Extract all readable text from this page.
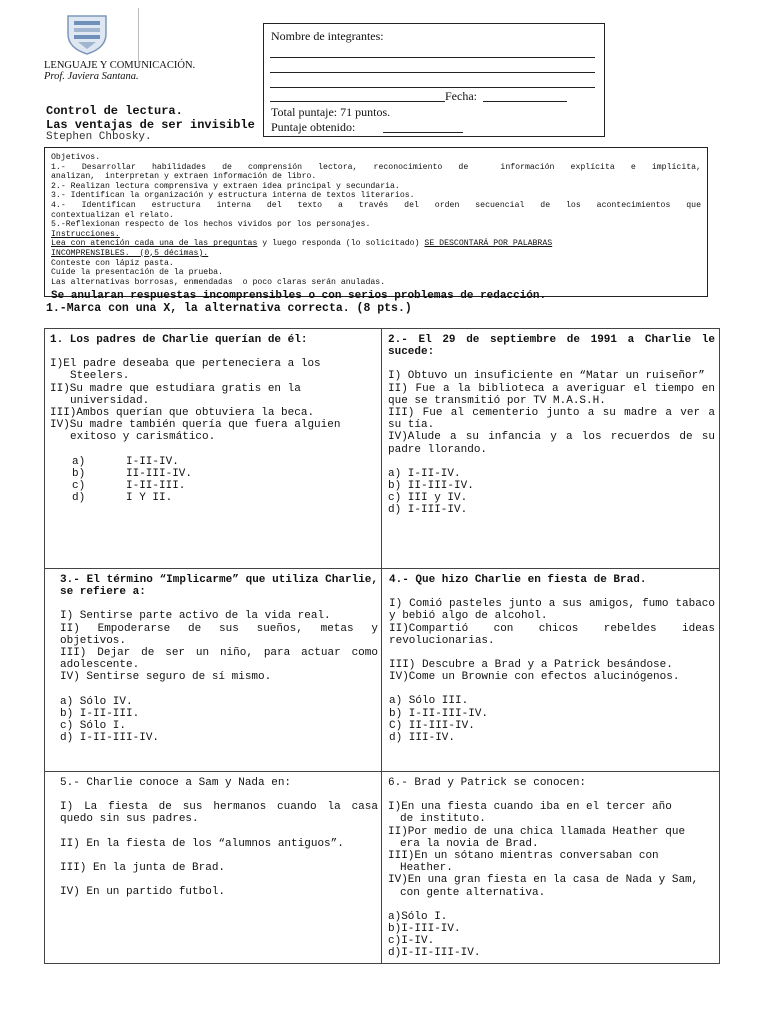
LENGUAJE Y COMUNICACIÓN.
Prof. Javiera Santana.
Control de lectura.
Las ventajas de ser invisible
Stephen Chbosky.
Nombre de integrantes:
Fecha:
Total puntaje: 71 puntos.
Puntaje obtenido:
Objetivos.
1.- Desarrollar habilidades de comprensión lectora, reconocimiento de  información explícita e implícita,
analizan,  interpretan y extraen información de libro.
2.- Realizan lectura comprensiva y extraen idea principal y secundaria.
3.- Identifican la organización y estructura interna de textos literarios.
4.- Identifican estructura interna del texto a través del orden secuencial de los acontecimientos que
contextualizan el relato.
5.-Reflexionan respecto de los hechos vividos por los personajes.
Instrucciones.
Lea con atención cada una de las preguntas y luego responda (lo solicitado) SE DESCONTARÁ POR PALABRAS
INCOMPRENSIBLES.  (0,5 décimas).
Conteste con lápiz pasta.
Cuide la presentación de la prueba.
Las alternativas borrosas, enmendadas  o poco claras serán anuladas.
Se anularan respuestas incomprensibles o con serios problemas de redacción.
1.-Marca con una X, la alternativa correcta. (8 pts.)

1. Los padres de Charlie querían de él:

I)El padre deseaba que perteneciera a los Steelers.

II)Su madre que estudiara gratis en la universidad.

III)Ambos querían que obtuviera la beca.

IV)Su madre también quería que fuera alguien exitoso y carismático.

a)	I-II-IV.
b)	II-III-IV.
c)	I-II-III.
d)	I Y II.

2.- El 29 de septiembre de 1991 a Charlie le sucede:

I) Obtuvo un insuficiente en “Matar un ruiseñor”

II) Fue a la biblioteca a averiguar el tiempo en que se transmitió por TV M.A.S.H.

III) Fue al cementerio junto a su madre a ver a su tía.

IV)Alude a su infancia y a los recuerdos de su padre llorando.

a) I-II-IV.

b) II-III-IV.

c) III y IV.

d) I-III-IV.

3.- El término “Implicarme” que utiliza Charlie, se refiere a:

I) Sentirse parte activo de la vida real.

II) Empoderarse de sus sueños, metas y objetivos.

III) Dejar de ser un niño, para actuar como adolescente.

IV) Sentirse seguro de sí mismo.

a) Sólo IV.

b) I-II-III.

c) Sólo I.

d) I-II-III-IV.

4.- Que hizo Charlie en fiesta de Brad.

I) Comió pasteles junto a sus amigos, fumo tabaco y bebió algo de alcohol.

II)Compartió con chicos rebeldes ideas revolucionarias.

III) Descubre a Brad y a Patrick besándose.

IV)Come un Brownie con efectos alucinógenos.

a) Sólo III.

b) I-II-III-IV.

C) II-III-IV.

d) III-IV.

5.- Charlie conoce a Sam y Nada en:

I) La fiesta de sus hermanos cuando la casa quedo sin sus padres.

II) En la fiesta de los “alumnos antiguos”.

III) En la junta de Brad.

IV) En un partido futbol.

6.- Brad y Patrick se conocen:

I)En una fiesta cuando iba en el tercer año de instituto.

II)Por medio de una chica llamada Heather que era la novia de Brad.

III)En un sótano mientras conversaban con Heather.

IV)En una gran fiesta en la casa de Nada y Sam, con gente alternativa.

a)Sólo I.

b)I-III-IV.

c)I-IV.

d)I-II-III-IV.
